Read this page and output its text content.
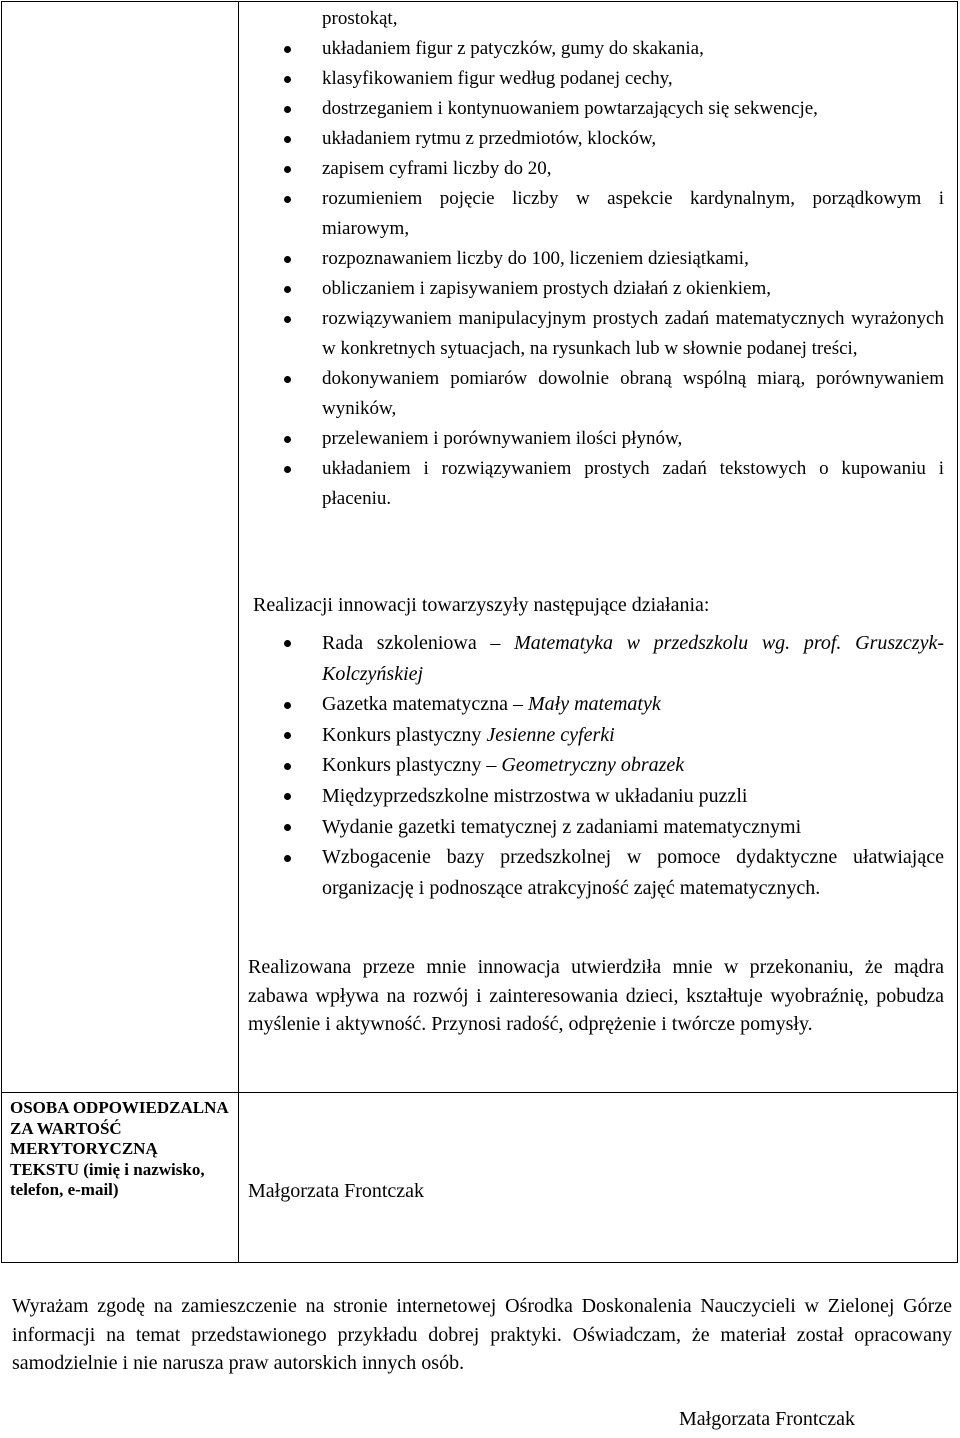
prostokąt,
układaniem figur z patyczków, gumy do skakania,
klasyfikowaniem figur według podanej cechy,
dostrzeganiem i kontynuowaniem powtarzających się sekwencje,
układaniem rytmu z przedmiotów, klocków,
zapisem cyframi liczby do 20,
rozumieniem pojęcie liczby w aspekcie kardynalnym, porządkowym i miarowym,
rozpoznawaniem liczby do 100, liczeniem dziesiątkami,
obliczaniem i zapisywaniem prostych działań z okienkiem,
rozwiązywaniem manipulacyjnym prostych zadań matematycznych wyrażonych w konkretnych sytuacjach, na rysunkach lub w słownie podanej treści,
dokonywaniem pomiarów dowolnie obraną wspólną miarą, porównywaniem wyników,
przelewaniem i porównywaniem ilości płynów,
układaniem i rozwiązywaniem prostych zadań tekstowych o kupowaniu i płaceniu.
Realizacji innowacji towarzyszyły następujące działania:
Rada szkoleniowa – Matematyka w przedszkolu wg. prof. Gruszczyk-Kolczyńskiej
Gazetka matematyczna – Mały matematyk
Konkurs plastyczny Jesienne cyferki
Konkurs plastyczny – Geometryczny obrazek
Międzyprzedszkolne mistrzostwa w układaniu puzzli
Wydanie gazetki tematycznej z zadaniami matematycznymi
Wzbogacenie bazy przedszkolnej w pomoce dydaktyczne ułatwiające organizację i podnoszące atrakcyjność zajęć matematycznych.
Realizowana przeze mnie innowacja utwierdziła mnie w przekonaniu, że mądra zabawa wpływa na rozwój i zainteresowania dzieci, kształtuje wyobraźnię, pobudza myślenie i aktywność. Przynosi radość, odprężenie i twórcze pomysły.
OSOBA ODPOWIEDZALNA ZA WARTOŚĆ MERYTORYCZNĄ TEKSTU (imię i nazwisko, telefon, e-mail)	Małgorzata Frontczak
Wyrażam zgodę na zamieszczenie na stronie internetowej Ośrodka Doskonalenia Nauczycieli w Zielonej Górze informacji na temat przedstawionego przykładu dobrej praktyki. Oświadczam, że materiał został opracowany samodzielnie i nie narusza praw autorskich innych osób.
Małgorzata Frontczak
